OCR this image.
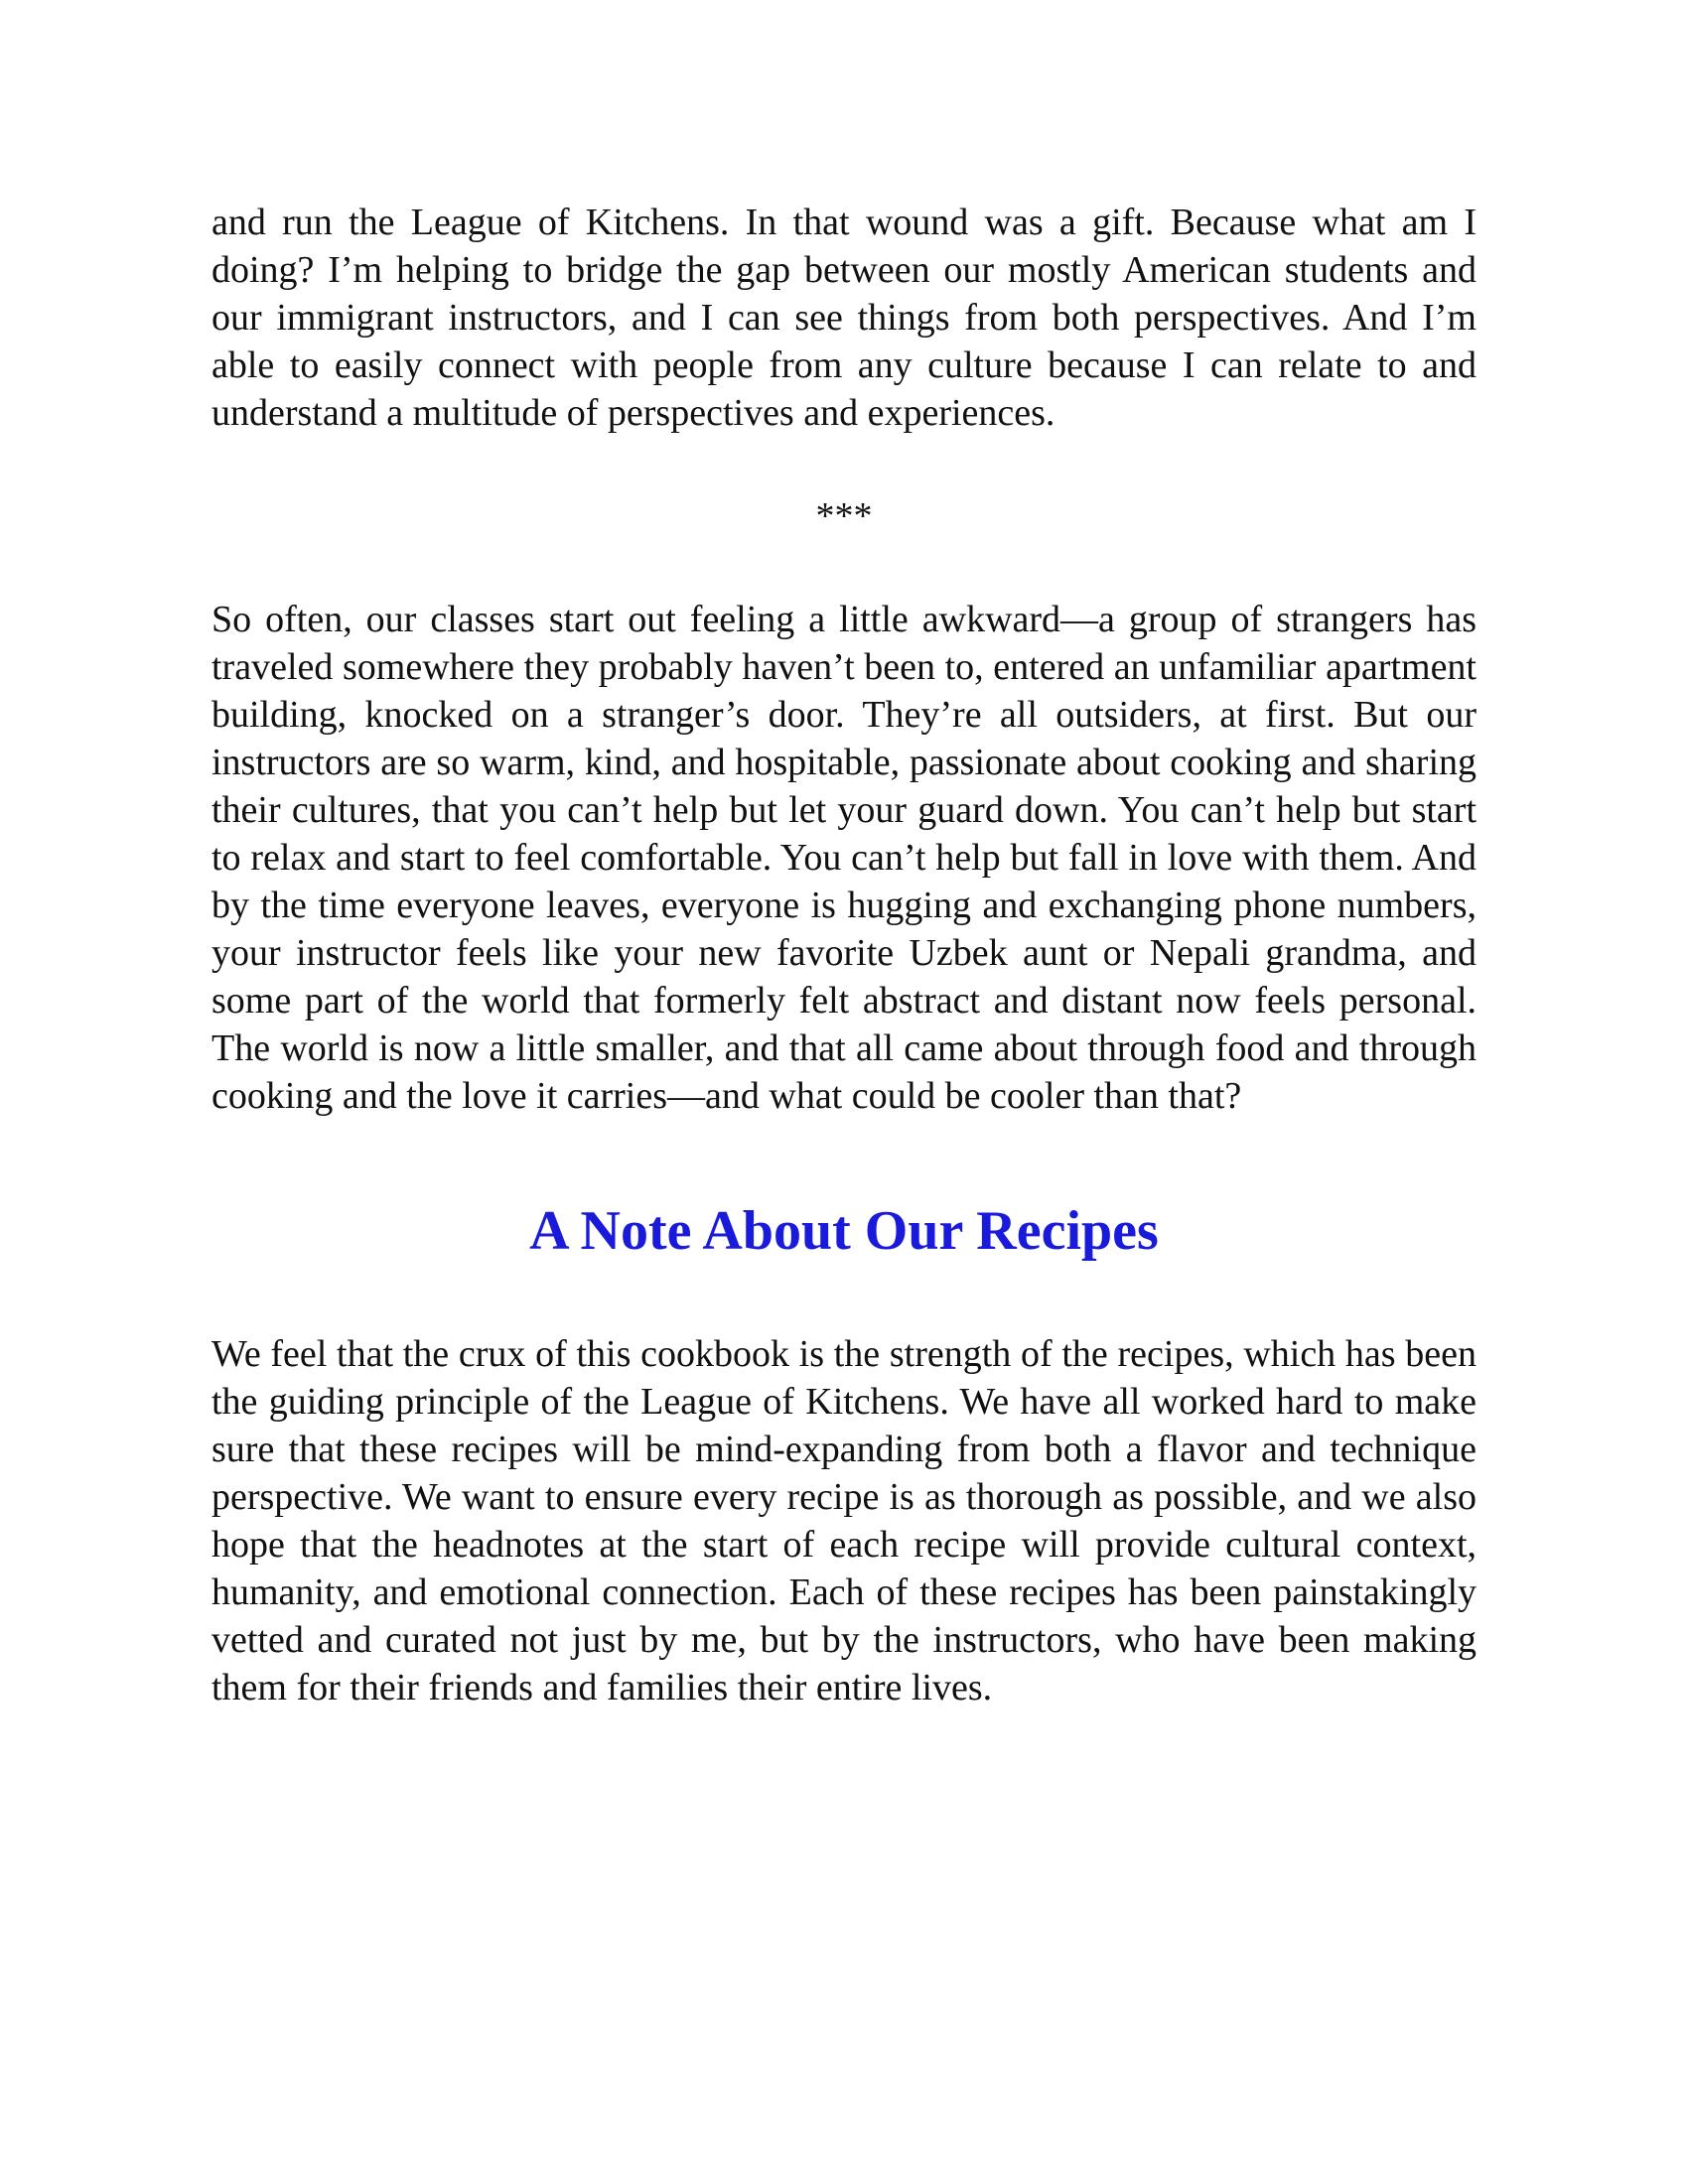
and run the League of Kitchens. In that wound was a gift. Because what am I doing? I’m helping to bridge the gap between our mostly American students and our immigrant instructors, and I can see things from both perspectives. And I’m able to easily connect with people from any culture because I can relate to and understand a multitude of perspectives and experiences.

***

So often, our classes start out feeling a little awkward—a group of strangers has traveled somewhere they probably haven’t been to, entered an unfamiliar apartment building, knocked on a stranger’s door. They’re all outsiders, at first. But our instructors are so warm, kind, and hospitable, passionate about cooking and sharing their cultures, that you can’t help but let your guard down. You can’t help but start to relax and start to feel comfortable. You can’t help but fall in love with them. And by the time everyone leaves, everyone is hugging and exchanging phone numbers, your instructor feels like your new favorite Uzbek aunt or Nepali grandma, and some part of the world that formerly felt abstract and distant now feels personal. The world is now a little smaller, and that all came about through food and through cooking and the love it carries—and what could be cooler than that?

A Note About Our Recipes

We feel that the crux of this cookbook is the strength of the recipes, which has been the guiding principle of the League of Kitchens. We have all worked hard to make sure that these recipes will be mind-expanding from both a flavor and technique perspective. We want to ensure every recipe is as thorough as possible, and we also hope that the headnotes at the start of each recipe will provide cultural context, humanity, and emotional connection. Each of these recipes has been painstakingly vetted and curated not just by me, but by the instructors, who have been making them for their friends and families their entire lives.
